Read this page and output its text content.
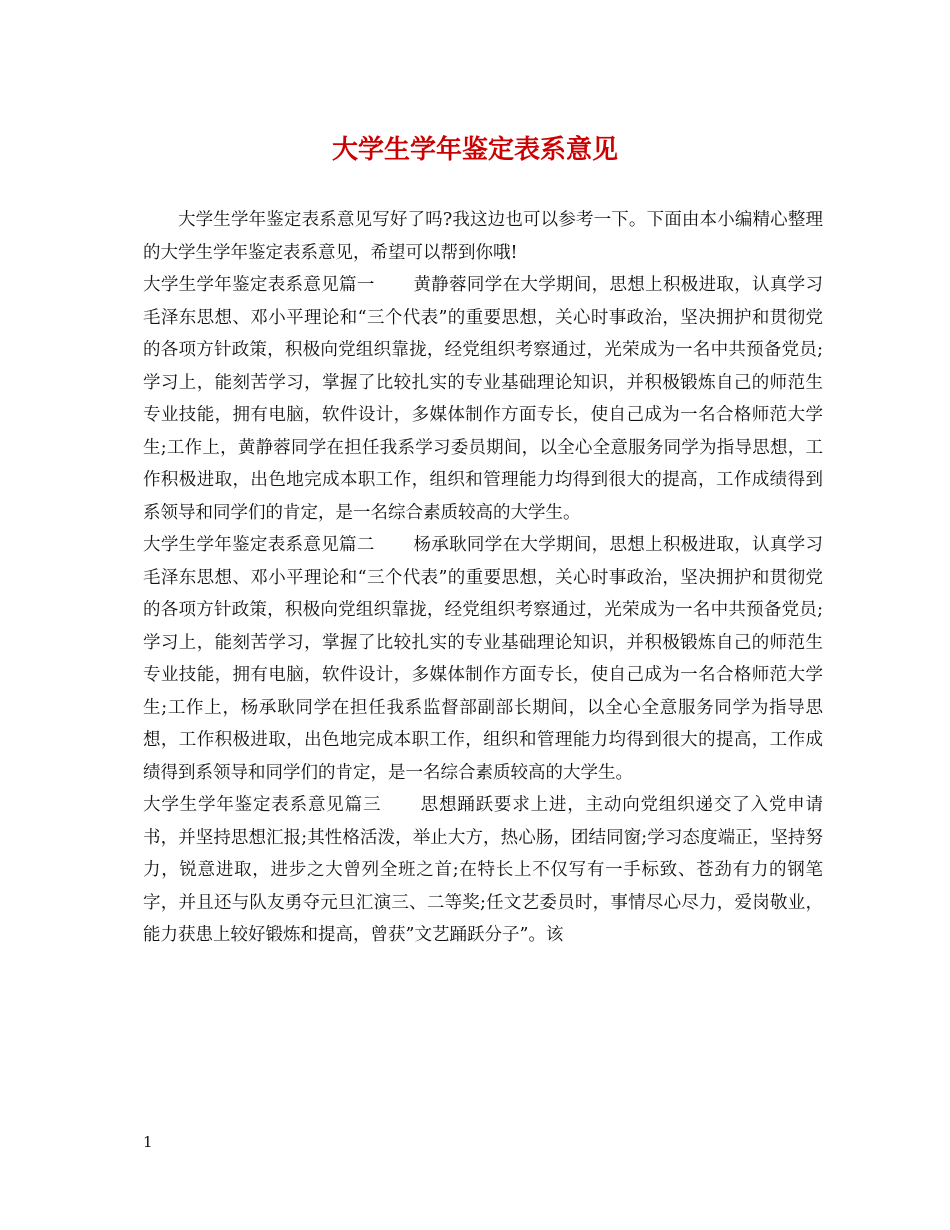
大学生学年鉴定表系意见

大学生学年鉴定表系意见写好了吗?我这边也可以参考一下。下面由本小编精心整理的大学生学年鉴定表系意见，希望可以帮到你哦!

大学生学年鉴定表系意见篇一 黄静蓉同学在大学期间，思想上积极进取，认真学习毛泽东思想、邓小平理论和“三个代表”的重要思想，关心时事政治，坚决拥护和贯彻党的各项方针政策，积极向党组织靠拢，经党组织考察通过，光荣成为一名中共预备党员;学习上，能刻苦学习，掌握了比较扎实的专业基础理论知识，并积极锻炼自己的师范生专业技能，拥有电脑，软件设计，多媒体制作方面专长，使自己成为一名合格师范大学生;工作上，黄静蓉同学在担任我系学习委员期间，以全心全意服务同学为指导思想，工作积极进取，出色地完成本职工作，组织和管理能力均得到很大的提高，工作成绩得到系领导和同学们的肯定，是一名综合素质较高的大学生。

大学生学年鉴定表系意见篇二 杨承耿同学在大学期间，思想上积极进取，认真学习毛泽东思想、邓小平理论和“三个代表”的重要思想，关心时事政治，坚决拥护和贯彻党的各项方针政策，积极向党组织靠拢，经党组织考察通过，光荣成为一名中共预备党员;学习上，能刻苦学习，掌握了比较扎实的专业基础理论知识，并积极锻炼自己的师范生专业技能，拥有电脑，软件设计，多媒体制作方面专长，使自己成为一名合格师范大学生;工作上，杨承耿同学在担任我系监督部副部长期间，以全心全意服务同学为指导思想，工作积极进取，出色地完成本职工作，组织和管理能力均得到很大的提高，工作成绩得到系领导和同学们的肯定，是一名综合素质较高的大学生。

大学生学年鉴定表系意见篇三 思想踊跃要求上进，主动向党组织递交了入党申请书，并坚持思想汇报;其性格活泼，举止大方，热心肠，团结同窗;学习态度端正，坚持努力，锐意进取，进步之大曾列全班之首;在特长上不仅写有一手标致、苍劲有力的钢笔字，并且还与队友勇夺元旦汇演三、二等奖;任文艺委员时，事情尽心尽力，爱岗敬业，能力获患上较好锻炼和提高，曾获”文艺踊跃分子”。该

1
